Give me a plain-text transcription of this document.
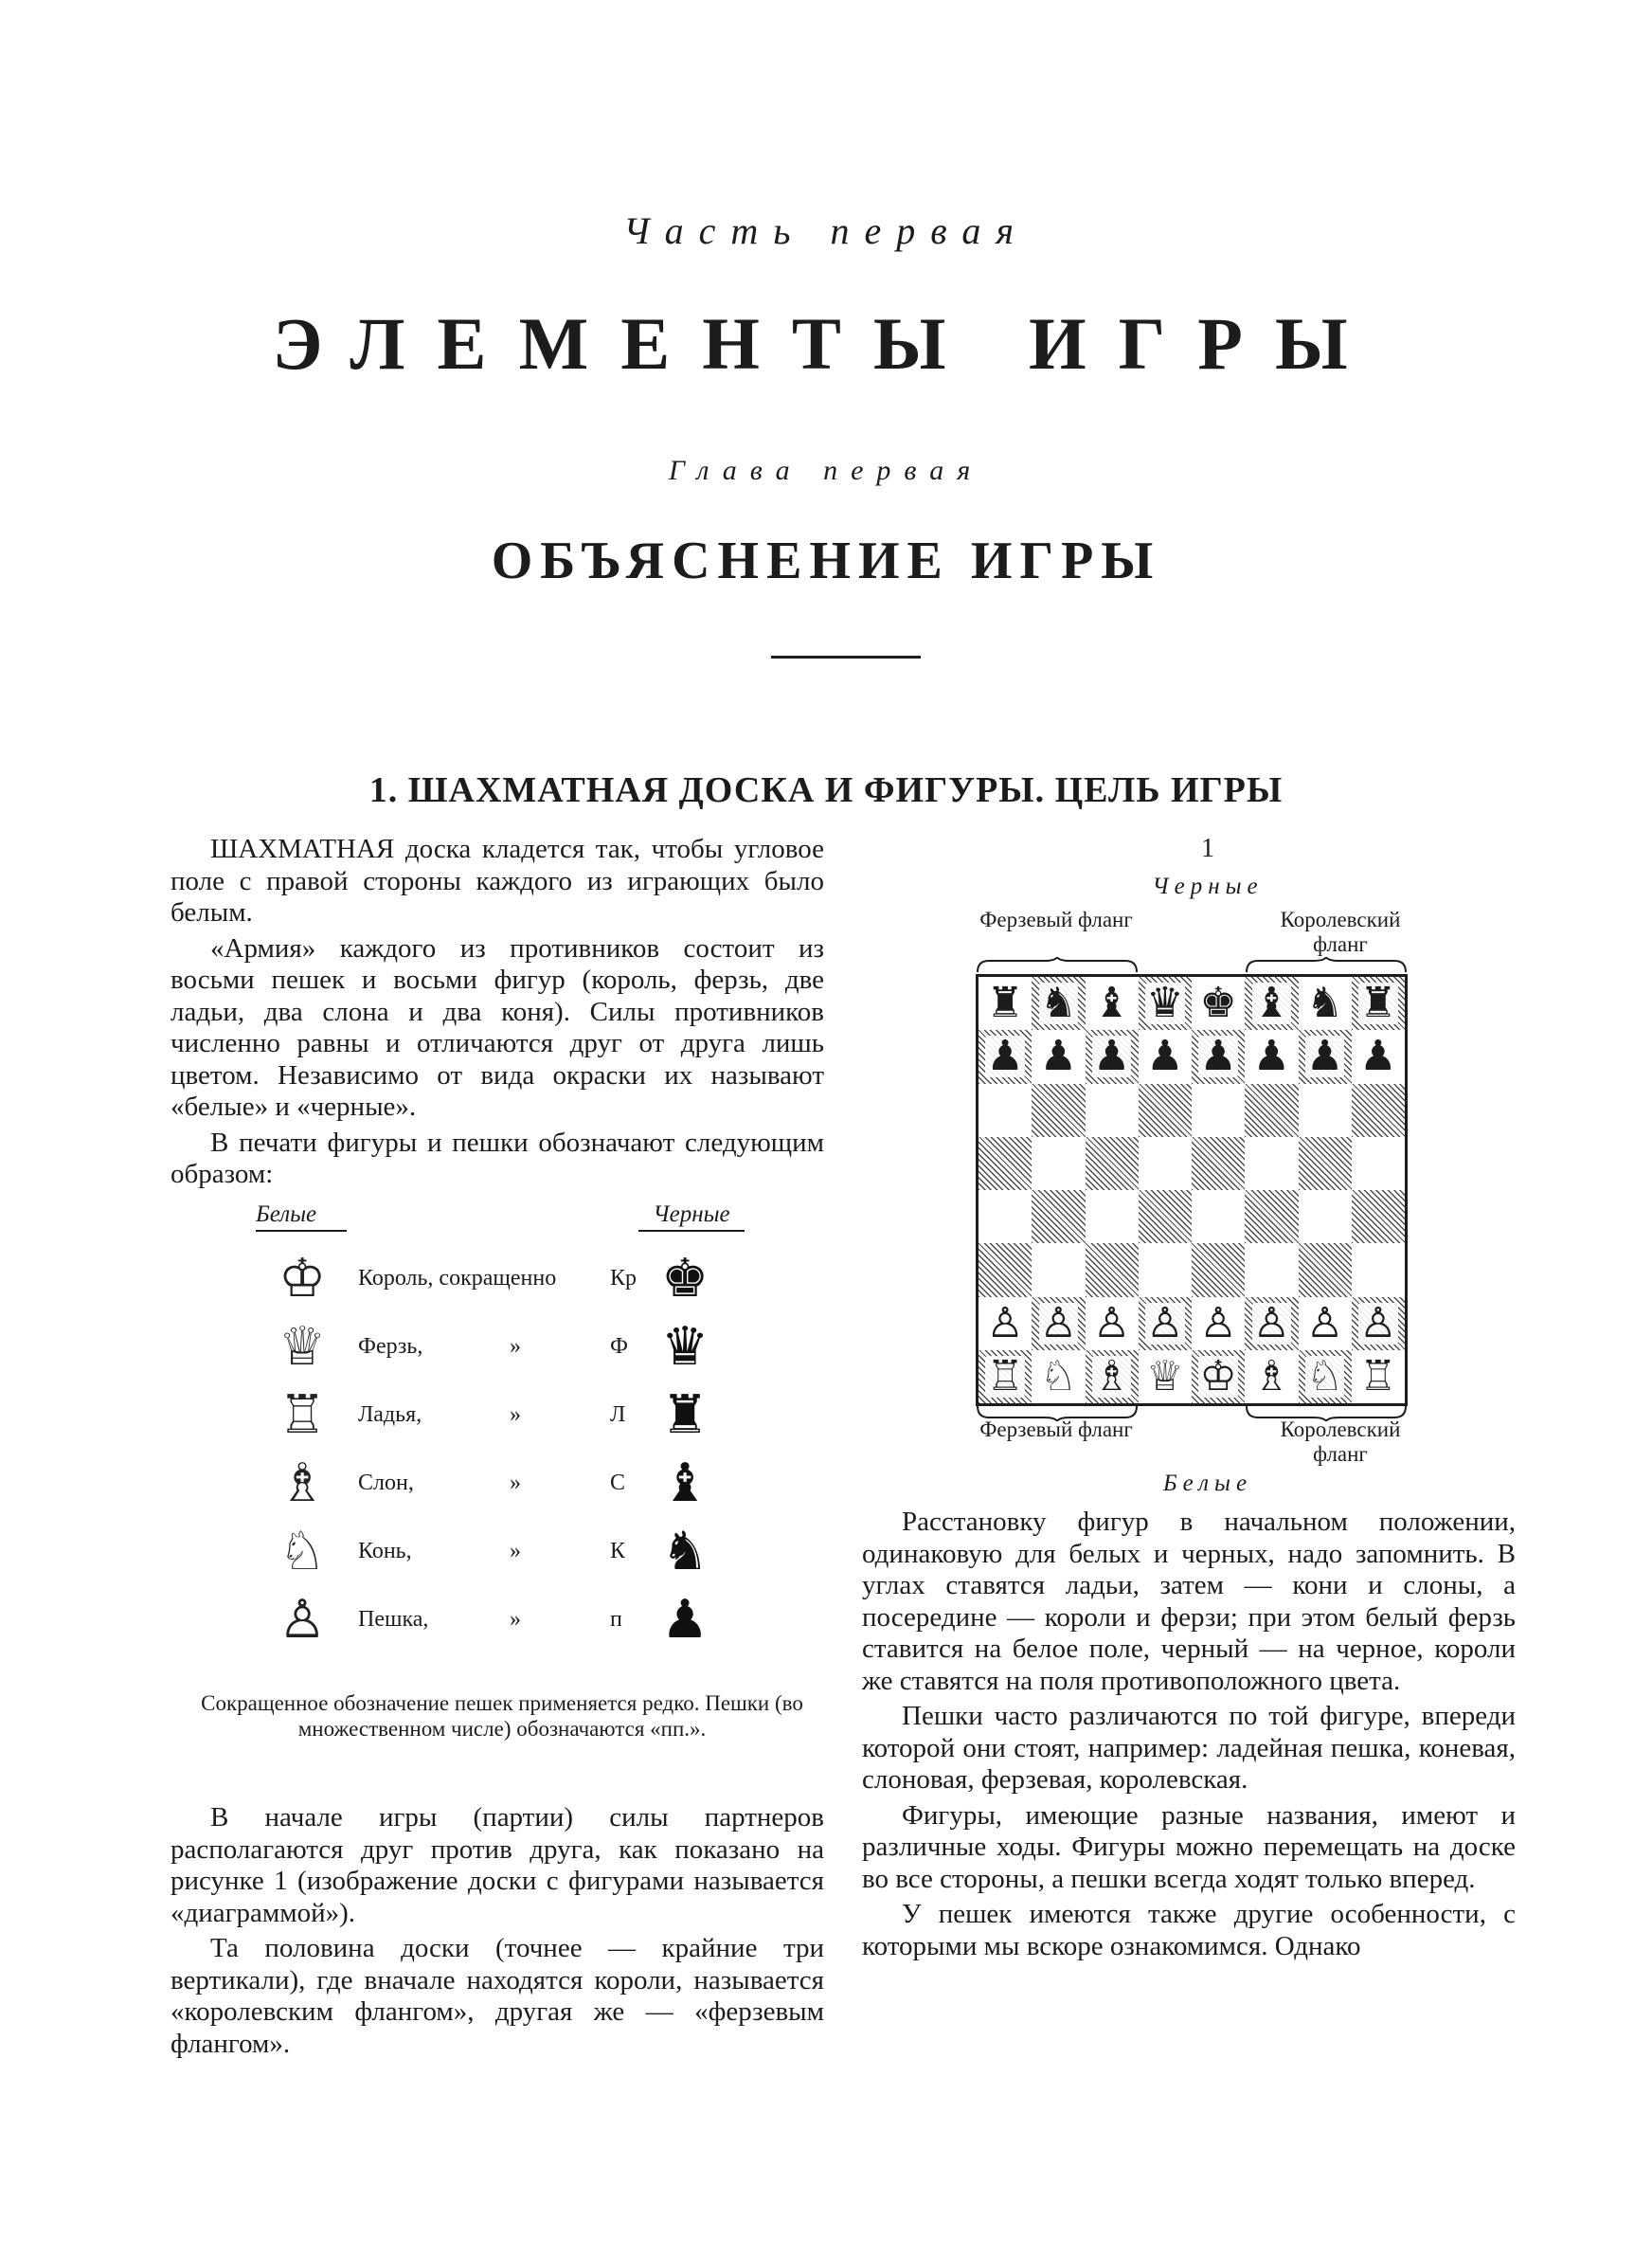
Часть первая
ЭЛЕМЕНТЫ ИГРЫ
Глава первая
ОБЪЯСНЕНИЕ ИГРЫ
1. ШАХМАТНАЯ ДОСКА И ФИГУРЫ. ЦЕЛЬ ИГРЫ

ШАХМАТНАЯ доска кладется так, чтобы угловое поле с правой стороны каждого из играющих было белым.

«Армия» каждого из противников состоит из восьми пешек и восьми фигур (король, ферзь, две ладьи, два слона и два коня). Силы противников численно равны и отличаются друг от друга лишь цветом. Независимо от вида окраски их называют «белые» и «черные».

В печати фигуры и пешки обозначают следующим образом:

Белые	Черные
♔ Король, сокращенно Кр ♚
♕ Ферзь,	»	Ф ♛
♖ Ладья,	»	Л ♜
♗ Слон,	»	С ♝
♘ Конь,	»	К ♞
♙ Пешка,	»	п ♟
Сокращенное обозначение пешек применяется редко. Пешки (во множественном числе) обозначаются «пп.».

В начале игры (партии) силы партнеров располагаются друг против друга, как показано на рисунке 1 (изображение доски с фигурами называется «диаграммой»).

Та половина доски (точнее — крайние три вертикали), где вначале находятся короли, называется «королевским флангом», другая же — «ферзевым флангом».

1
Черные
Ферзевый фланг	Королевский фланг
♜ ♞ ♝ ♛ ♚ ♝ ♞ ♜
♟ ♟ ♟ ♟ ♟ ♟ ♟ ♟
♙ ♙ ♙ ♙ ♙ ♙ ♙ ♙
♖ ♘ ♗ ♕ ♔ ♗ ♘ ♖
Ферзевый фланг	Королевский фланг
Белые

Расстановку фигур в начальном положении, одинаковую для белых и черных, надо запомнить. В углах ставятся ладьи, затем — кони и слоны, а посередине — короли и ферзи; при этом белый ферзь ставится на белое поле, черный — на черное, короли же ставятся на поля противоположного цвета.

Пешки часто различаются по той фигуре, впереди которой они стоят, например: ладейная пешка, коневая, слоновая, ферзевая, королевская.

Фигуры, имеющие разные названия, имеют и различные ходы. Фигуры можно перемещать на доске во все стороны, а пешки всегда ходят только вперед.

У пешек имеются также другие особенности, с которыми мы вскоре ознакомимся. Однако
